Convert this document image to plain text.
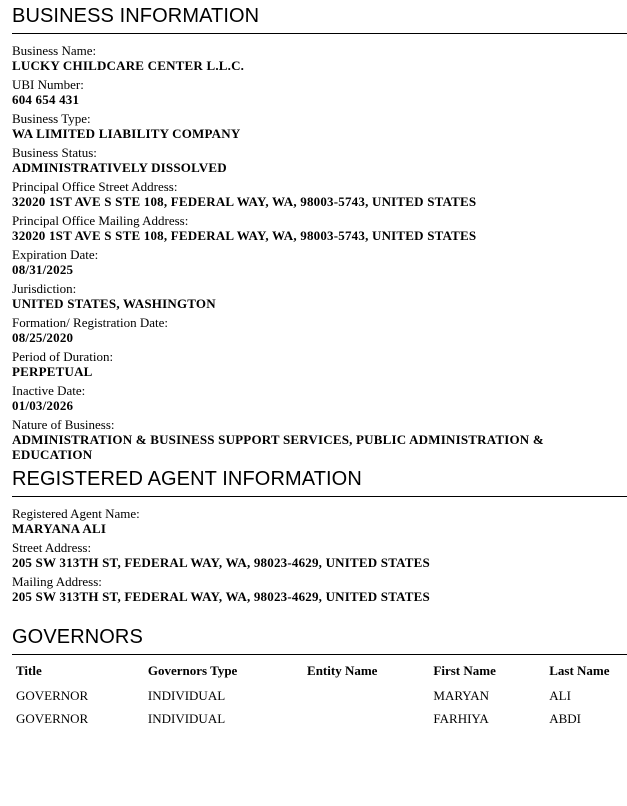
BUSINESS INFORMATION
Business Name:
LUCKY CHILDCARE CENTER L.L.C.
UBI Number:
604 654 431
Business Type:
WA LIMITED LIABILITY COMPANY
Business Status:
ADMINISTRATIVELY DISSOLVED
Principal Office Street Address:
32020 1ST AVE S STE 108, FEDERAL WAY, WA, 98003-5743, UNITED STATES
Principal Office Mailing Address:
32020 1ST AVE S STE 108, FEDERAL WAY, WA, 98003-5743, UNITED STATES
Expiration Date:
08/31/2025
Jurisdiction:
UNITED STATES, WASHINGTON
Formation/ Registration Date:
08/25/2020
Period of Duration:
PERPETUAL
Inactive Date:
01/03/2026
Nature of Business:
ADMINISTRATION & BUSINESS SUPPORT SERVICES, PUBLIC ADMINISTRATION & EDUCATION
REGISTERED AGENT INFORMATION
Registered Agent Name:
MARYANA ALI
Street Address:
205 SW 313TH ST, FEDERAL WAY, WA, 98023-4629, UNITED STATES
Mailing Address:
205 SW 313TH ST, FEDERAL WAY, WA, 98023-4629, UNITED STATES
GOVERNORS
Title	Governors Type	Entity Name	First Name	Last Name
GOVERNOR	INDIVIDUAL		MARYAN	ALI
GOVERNOR	INDIVIDUAL		FARHIYA	ABDI
